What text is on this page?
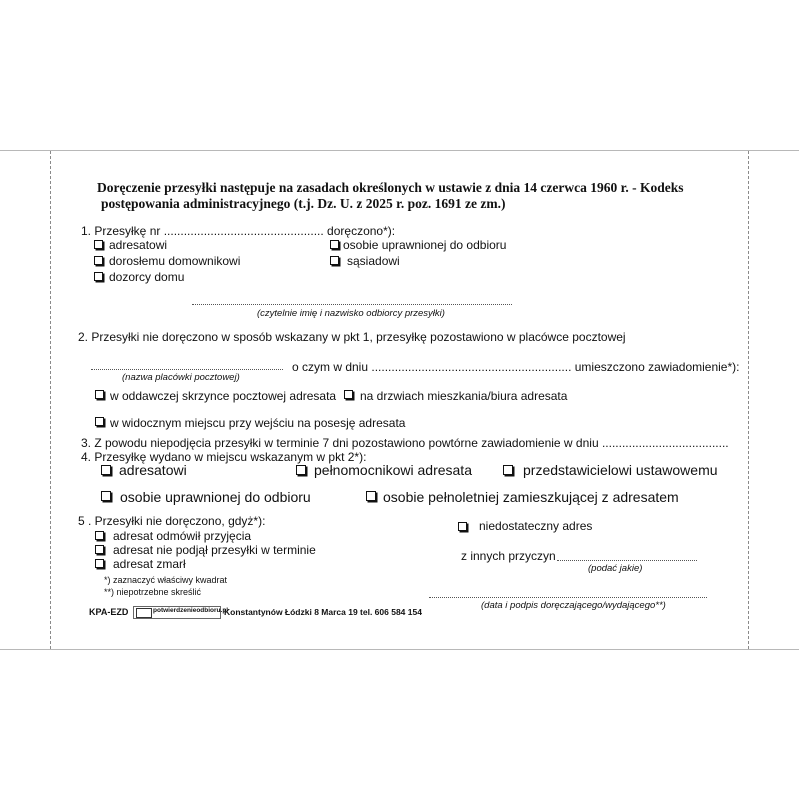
Doręczenie przesyłki następuje na zasadach określonych w ustawie z dnia 14 czerwca 1960 r. - Kodeks
postępowania administracyjnego (t.j. Dz. U. z 2025 r. poz. 1691 ze zm.)
1. Przesyłkę nr ................................................ doręczono*):
adresatowi
dorosłemu domownikowi
dozorcy domu
osobie uprawnionej do odbioru
sąsiadowi
(czytelnie imię i nazwisko odbiorcy przesyłki)
2. Przesyłki nie doręczono w sposób wskazany w pkt 1, przesyłkę pozostawiono w placówce pocztowej
o czym w dniu ............................................................ umieszczono zawiadomienie*):
(nazwa placówki pocztowej)
w oddawczej skrzynce pocztowej adresata na drzwiach mieszkania/biura adresata
w widocznym miejscu przy wejściu na posesję adresata
3. Z powodu niepodjęcia przesyłki w terminie 7 dni pozostawiono powtórne zawiadomienie w dniu ......................................
4. Przesyłkę wydano w miejscu wskazanym w pkt 2*):
adresatowi	pełnomocnikowi adresata	przedstawicielowi ustawowemu
osobie uprawnionej do odbioru	osobie pełnoletniej zamieszkującej z adresatem
5 . Przesyłki nie doręczono, gdyż*):
adresat odmówił przyjęcia
adresat nie podjął przesyłki w terminie
adresat zmarł
niedostateczny adres
z innych przyczyn
(podać jakie)
*) zaznaczyć właściwy kwadrat
**) niepotrzebne skreślić
KPA-EZD	potwierdzenieodbioru.pl
Konstantynów Łódzki 8 Marca 19 tel. 606 584 154
(data i podpis doręczającego/wydającego**)
